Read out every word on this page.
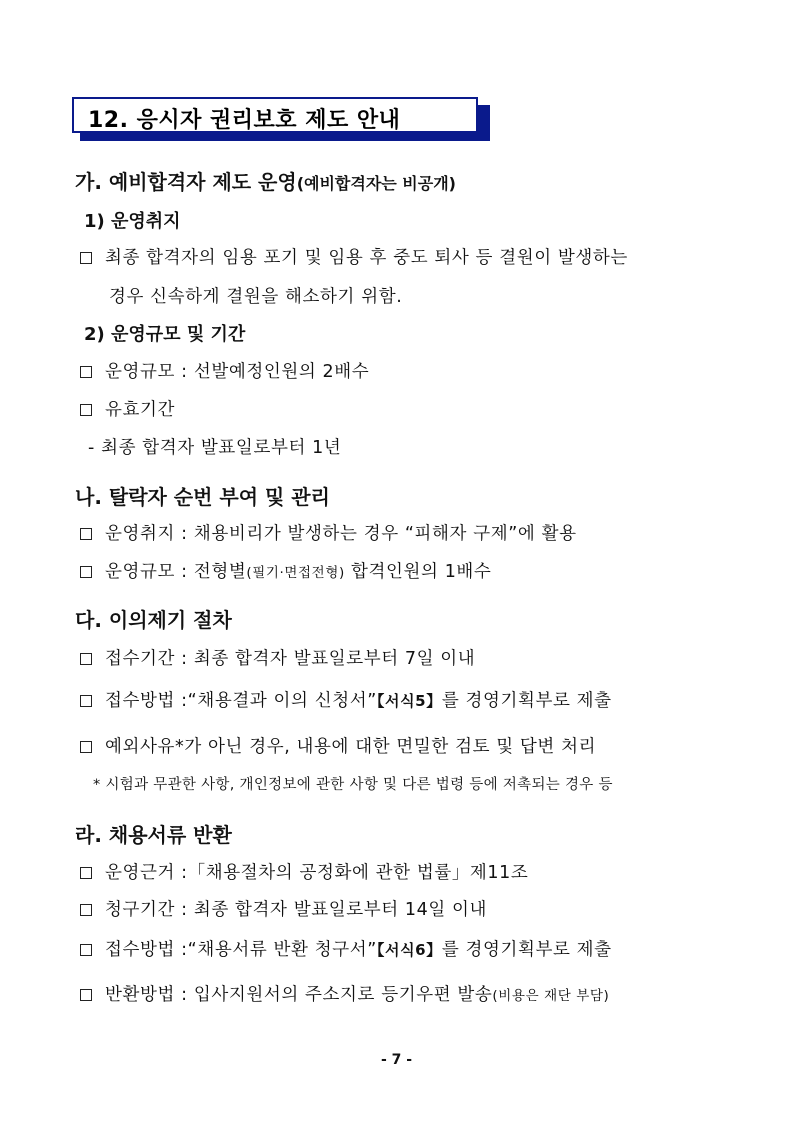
12. 응시자 권리보호 제도 안내
가. 예비합격자 제도 운영(예비합격자는 비공개)
1) 운영취지
최종 합격자의 임용 포기 및 임용 후 중도 퇴사 등 결원이 발생하는
경우 신속하게 결원을 해소하기 위함.
2) 운영규모 및 기간
운영규모 : 선발예정인원의 2배수
유효기간
- 최종 합격자 발표일로부터 1년
나. 탈락자 순번 부여 및 관리
운영취지 : 채용비리가 발생하는 경우 “피해자 구제”에 활용
운영규모 : 전형별(필기·면접전형) 합격인원의 1배수
다. 이의제기 절차
접수기간 : 최종 합격자 발표일로부터 7일 이내
접수방법 :“채용결과 이의 신청서”【서식5】를 경영기획부로 제출
예외사유*가 아닌 경우, 내용에 대한 면밀한 검토 및 답변 처리
* 시험과 무관한 사항, 개인정보에 관한 사항 및 다른 법령 등에 저촉되는 경우 등
라. 채용서류 반환
운영근거 :「채용절차의 공정화에 관한 법률」제11조
청구기간 : 최종 합격자 발표일로부터 14일 이내
접수방법 :“채용서류 반환 청구서”【서식6】를 경영기획부로 제출
반환방법 : 입사지원서의 주소지로 등기우편 발송(비용은 재단 부담)
- 7 -
